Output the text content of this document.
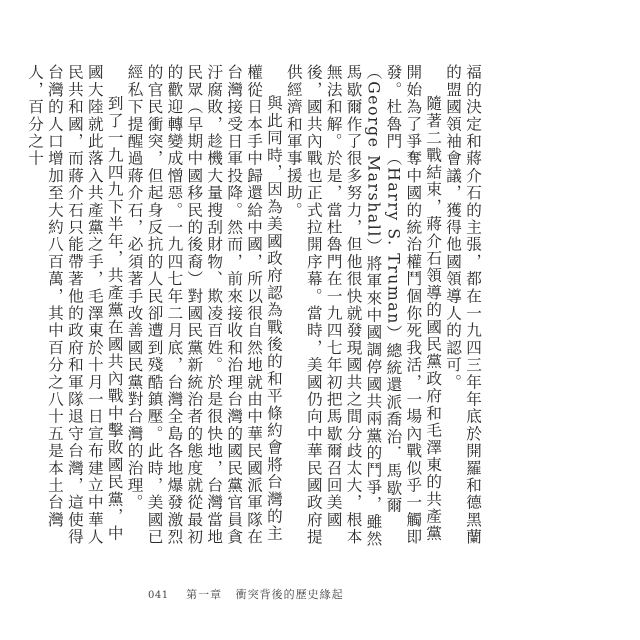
福的決定和蔣介石的主張，都在一九四三年年底於開羅和德黑蘭的盟國領袖會議，獲得他國領導人的認可。

隨著二戰結束，蔣介石領導的國民黨政府和毛澤東的共產黨開始為了爭奪中國的統治權鬥個你死我活，一場內戰似乎一觸即發。杜魯門（Harry S. Truman）總統還派喬治．馬歇爾（George Marshall）將軍來中國調停國共兩黨的鬥爭，雖然馬歇爾作了很多努力，但他很快就發現國共之間分歧太大，根本無法和解。於是，當杜魯門在一九四七年初把馬歇爾召回美國後，國共內戰也正式拉開序幕。當時，美國仍向中華民國政府提供經濟和軍事援助。

與此同時，因為美國政府認為戰後的和平條約會將台灣的主權從日本手中歸還給中國，所以很自然地就由中華民國派軍隊在台灣接受日軍投降。然而，前來接收和治理台灣的國民黨官員貪汙腐敗，趁機大量搜刮財物、欺凌百姓。於是很快地，台灣當地民眾（早期中國移民的後裔）對國民黨新統治者的態度就從最初的歡迎轉變成憎惡。一九四七年二月底，台灣全島各地爆發激烈的官民衝突，但起身反抗的人民卻遭到殘酷鎮壓。此時，美國已經私下提醒過蔣介石，必須著手改善國民黨對台灣的治理。

到了一九四九下半年，共產黨在國共內戰中擊敗國民黨，中國大陸就此落入共產黨之手，毛澤東於十月一日宣布建立中華人民共和國，而蔣介石只能帶著他的政府和軍隊退守台灣，這使得台灣的人口增加至大約八百萬，其中百分之八十五是本土台灣人，百分之十

041 第一章 衝突背後的歷史緣起
